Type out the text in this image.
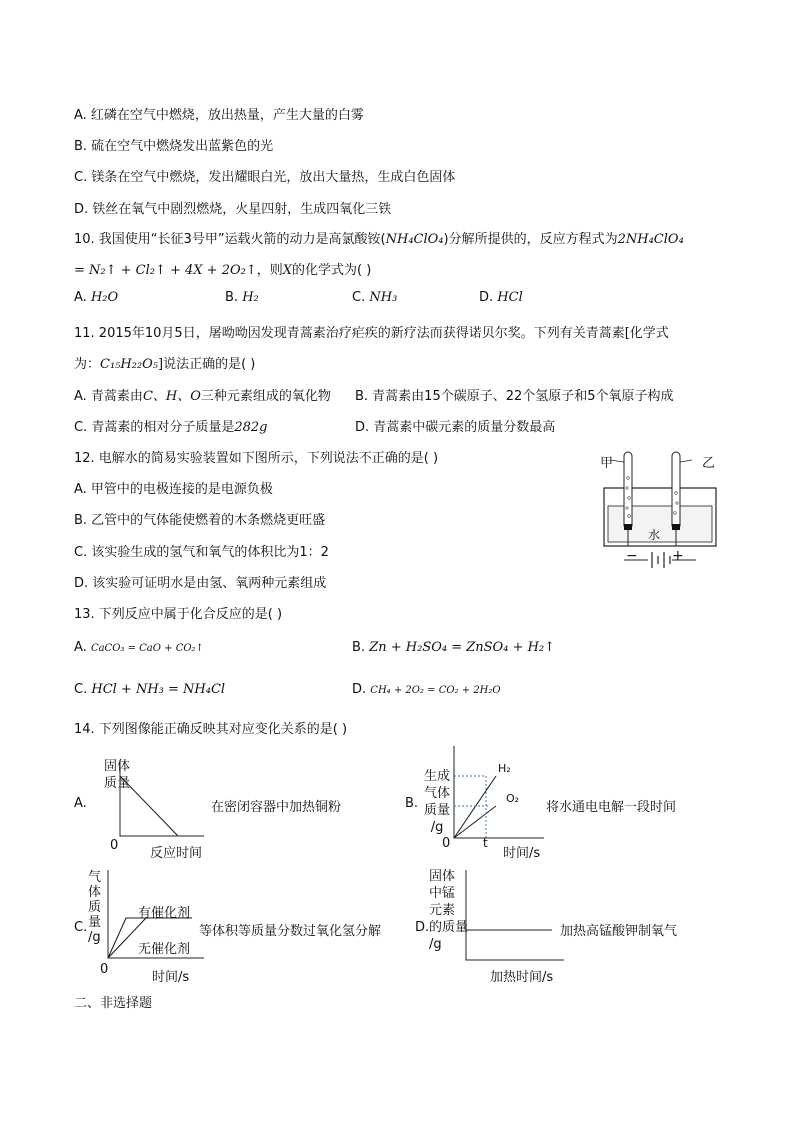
A. 红磷在空气中燃烧，放出热量，产生大量的白雾
B. 硫在空气中燃烧发出蓝紫色的光
C. 镁条在空气中燃烧，发出耀眼白光，放出大量热，生成白色固体
D. 铁丝在氧气中剧烈燃烧，火星四射，生成四氧化三铁
10. 我国使用“长征3号甲”运载火箭的动力是高氯酸铵(NH₄ClO₄)分解所提供的，反应方程式为2NH₄ClO₄
= N₂↑ + Cl₂↑ + 4X + 2O₂↑，则X的化学式为( )
A. H₂O	B. H₂	C. NH₃	D. HCl
11. 2015年10月5日，屠呦呦因发现青蒿素治疗疟疾的新疗法而获得诺贝尔奖。下列有关青蒿素[化学式
为：C₁₅H₂₂O₅]说法正确的是( )
A. 青蒿素由C、H、O三种元素组成的氧化物 B. 青蒿素由15个碳原子、22个氢原子和5个氧原子构成
C. 青蒿素的相对分子质量是282g	D. 青蒿素中碳元素的质量分数最高
12. 电解水的简易实验装置如下图所示，下列说法不正确的是( )
A. 甲管中的电极连接的是电源负极
B. 乙管中的气体能使燃着的木条燃烧更旺盛
C. 该实验生成的氢气和氧气的体积比为1：2
D. 该实验可证明水是由氢、氧两种元素组成
甲	乙
水
− +
13. 下列反应中属于化合反应的是( )
A. CaCO₃ = CaO + CO₂↑	B. Zn + H₂SO₄ = ZnSO₄ + H₂↑
C. HCl + NH₃ = NH₄Cl	D. CH₄ + 2O₂ = CO₂ + 2H₂O
14. 下列图像能正确反映其对应变化关系的是( )
A.
固体
质量
0
反应时间
在密闭容器中加热铜粉	B.
生成
气体
质量
/g
H₂
O₂
0	t
时间/s
将水通电电解一段时间
C.
气
体
质
量
/g
有催化剂
无催化剂
0
时间/s
等体积等质量分数过氧化氢分解	D.
固体
中锰
元素
的质量
/g
加热时间/s
加热高锰酸钾制氧气
二、非选择题
